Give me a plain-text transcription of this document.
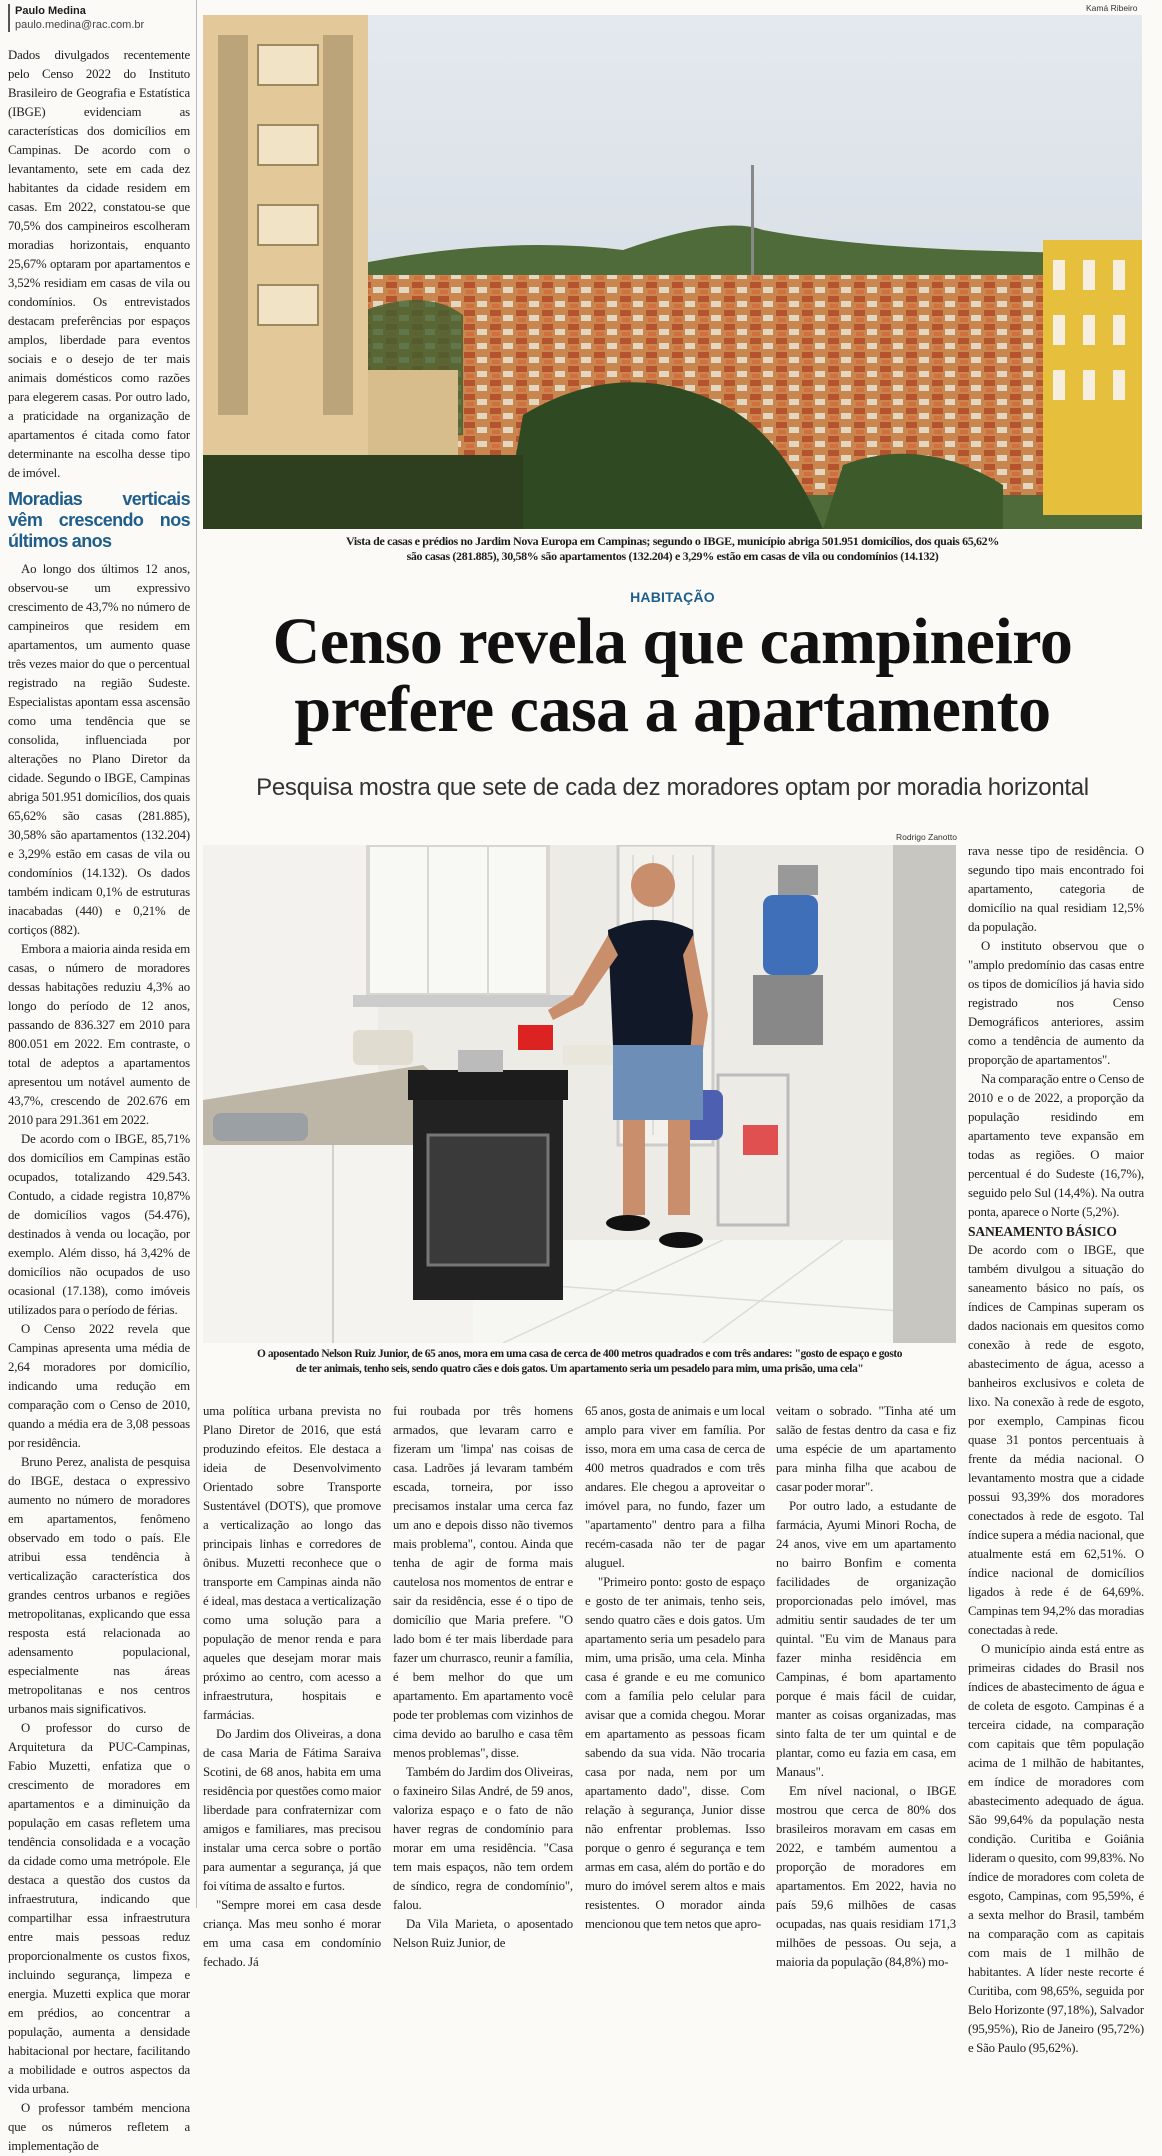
Paulo Medina
paulo.medina@rac.com.br

Dados divulgados recentemente pelo Censo 2022 do Instituto Brasileiro de Geografia e Estatística (IBGE) evidenciam as características dos domicílios em Campinas. De acordo com o levantamento, sete em cada dez habitantes da cidade residem em casas. Em 2022, constatou-se que 70,5% dos campineiros escolheram moradias horizontais, enquanto 25,67% optaram por apartamentos e 3,52% residiam em casas de vila ou condomínios. Os entrevistados destacam preferências por espaços amplos, liberdade para eventos sociais e o desejo de ter mais animais domésticos como razões para elegerem casas. Por outro lado, a praticidade na organização de apartamentos é citada como fator determinante na escolha desse tipo de imóvel.

Moradias verticais vêm crescendo nos últimos anos

Ao longo dos últimos 12 anos, observou-se um expressivo crescimento de 43,7% no número de campineiros que residem em apartamentos, um aumento quase três vezes maior do que o percentual registrado na região Sudeste. Especialistas apontam essa ascensão como uma tendência que se consolida, influenciada por alterações no Plano Diretor da cidade. Segundo o IBGE, Campinas abriga 501.951 domicílios, dos quais 65,62% são casas (281.885), 30,58% são apartamentos (132.204) e 3,29% estão em casas de vila ou condomínios (14.132). Os dados também indicam 0,1% de estruturas inacabadas (440) e 0,21% de cortiços (882).

Embora a maioria ainda resida em casas, o número de moradores dessas habitações reduziu 4,3% ao longo do período de 12 anos, passando de 836.327 em 2010 para 800.051 em 2022. Em contraste, o total de adeptos a apartamentos apresentou um notável aumento de 43,7%, crescendo de 202.676 em 2010 para 291.361 em 2022.

De acordo com o IBGE, 85,71% dos domicílios em Campinas estão ocupados, totalizando 429.543. Contudo, a cidade registra 10,87% de domicílios vagos (54.476), destinados à venda ou locação, por exemplo. Além disso, há 3,42% de domicílios não ocupados de uso ocasional (17.138), como imóveis utilizados para o período de férias.

O Censo 2022 revela que Campinas apresenta uma média de 2,64 moradores por domicílio, indicando uma redução em comparação com o Censo de 2010, quando a média era de 3,08 pessoas por residência.

Bruno Perez, analista de pesquisa do IBGE, destaca o expressivo aumento no número de moradores em apartamentos, fenômeno observado em todo o país. Ele atribui essa tendência à verticalização característica dos grandes centros urbanos e regiões metropolitanas, explicando que essa resposta está relacionada ao adensamento populacional, especialmente nas áreas metropolitanas e nos centros urbanos mais significativos.

O professor do curso de Arquitetura da PUC-Campinas, Fabio Muzetti, enfatiza que o crescimento de moradores em apartamentos e a diminuição da população em casas refletem uma tendência consolidada e a vocação da cidade como uma metrópole. Ele destaca a questão dos custos da infraestrutura, indicando que compartilhar essa infraestrutura entre mais pessoas reduz proporcionalmente os custos fixos, incluindo segurança, limpeza e energia. Muzetti explica que morar em prédios, ao concentrar a população, aumenta a densidade habitacional por hectare, facilitando a mobilidade e outros aspectos da vida urbana.

O professor também menciona que os números refletem a implementação de

Kamá Ribeiro
Vista de casas e prédios no Jardim Nova Europa em Campinas; segundo o IBGE, município abriga 501.951 domicílios, dos quais 65,62%
são casas (281.885), 30,58% são apartamentos (132.204) e 3,29% estão em casas de vila ou condomínios (14.132)
HABITAÇÃO
Censo revela que campineiro
prefere casa a apartamento
Pesquisa mostra que sete de cada dez moradores optam por moradia horizontal
Rodrigo Zanotto
O aposentado Nelson Ruiz Junior, de 65 anos, mora em uma casa de cerca de 400 metros quadrados e com três andares: "gosto de espaço e gosto
de ter animais, tenho seis, sendo quatro cães e dois gatos. Um apartamento seria um pesadelo para mim, uma prisão, uma cela"

rava nesse tipo de residência. O segundo tipo mais encontrado foi apartamento, categoria de domicílio na qual residiam 12,5% da população.

O instituto observou que o "amplo predomínio das casas entre os tipos de domicílios já havia sido registrado nos Censo Demográficos anteriores, assim como a tendência de aumento da proporção de apartamentos".

Na comparação entre o Censo de 2010 e o de 2022, a proporção da população residindo em apartamento teve expansão em todas as regiões. O maior percentual é do Sudeste (16,7%), seguido pelo Sul (14,4%). Na outra ponta, aparece o Norte (5,2%).

SANEAMENTO BÁSICO

De acordo com o IBGE, que também divulgou a situação do saneamento básico no país, os índices de Campinas superam os dados nacionais em quesitos como conexão à rede de esgoto, abastecimento de água, acesso a banheiros exclusivos e coleta de lixo. Na conexão à rede de esgoto, por exemplo, Campinas ficou quase 31 pontos percentuais à frente da média nacional. O levantamento mostra que a cidade possui 93,39% dos moradores conectados à rede de esgoto. Tal índice supera a média nacional, que atualmente está em 62,51%. O índice nacional de domicílios ligados à rede é de 64,69%. Campinas tem 94,2% das moradias conectadas à rede.

O município ainda está entre as primeiras cidades do Brasil nos índices de abastecimento de água e de coleta de esgoto. Campinas é a terceira cidade, na comparação com capitais que têm população acima de 1 milhão de habitantes, em índice de moradores com abastecimento adequado de água. São 99,64% da população nesta condição. Curitiba e Goiânia lideram o quesito, com 99,83%. No índice de moradores com coleta de esgoto, Campinas, com 95,59%, é a sexta melhor do Brasil, também na comparação com as capitais com mais de 1 milhão de habitantes. A líder neste recorte é Curitiba, com 98,65%, seguida por Belo Horizonte (97,18%), Salvador (95,95%), Rio de Janeiro (95,72%) e São Paulo (95,62%).

uma política urbana prevista no Plano Diretor de 2016, que está produzindo efeitos. Ele destaca a ideia de Desenvolvimento Orientado sobre Transporte Sustentável (DOTS), que promove a verticalização ao longo das principais linhas e corredores de ônibus. Muzetti reconhece que o transporte em Campinas ainda não é ideal, mas destaca a verticalização como uma solução para a população de menor renda e para aqueles que desejam morar mais próximo ao centro, com acesso a infraestrutura, hospitais e farmácias.

Do Jardim dos Oliveiras, a dona de casa Maria de Fátima Saraiva Scotini, de 68 anos, habita em uma residência por questões como maior liberdade para confraternizar com amigos e familiares, mas precisou instalar uma cerca sobre o portão para aumentar a segurança, já que foi vítima de assalto e furtos.

"Sempre morei em casa desde criança. Mas meu sonho é morar em uma casa em condomínio fechado. Já

fui roubada por três homens armados, que levaram carro e fizeram um 'limpa' nas coisas de casa. Ladrões já levaram também escada, torneira, por isso precisamos instalar uma cerca faz um ano e depois disso não tivemos mais problema", contou. Ainda que tenha de agir de forma mais cautelosa nos momentos de entrar e sair da residência, esse é o tipo de domicílio que Maria prefere. "O lado bom é ter mais liberdade para fazer um churrasco, reunir a família, é bem melhor do que um apartamento. Em apartamento você pode ter problemas com vizinhos de cima devido ao barulho e casa têm menos problemas", disse.

Também do Jardim dos Oliveiras, o faxineiro Silas André, de 59 anos, valoriza espaço e o fato de não haver regras de condomínio para morar em uma residência. "Casa tem mais espaços, não tem ordem de síndico, regra de condomínio", falou.

Da Vila Marieta, o aposentado Nelson Ruiz Junior, de

65 anos, gosta de animais e um local amplo para viver em família. Por isso, mora em uma casa de cerca de 400 metros quadrados e com três andares. Ele chegou a aproveitar o imóvel para, no fundo, fazer um "apartamento" dentro para a filha recém-casada não ter de pagar aluguel.

"Primeiro ponto: gosto de espaço e gosto de ter animais, tenho seis, sendo quatro cães e dois gatos. Um apartamento seria um pesadelo para mim, uma prisão, uma cela. Minha casa é grande e eu me comunico com a família pelo celular para avisar que a comida chegou. Morar em apartamento as pessoas ficam sabendo da sua vida. Não trocaria casa por nada, nem por um apartamento dado", disse. Com relação à segurança, Junior disse não enfrentar problemas. Isso porque o genro é segurança e tem armas em casa, além do portão e do muro do imóvel serem altos e mais resistentes. O morador ainda mencionou que tem netos que apro-

veitam o sobrado. "Tinha até um salão de festas dentro da casa e fiz uma espécie de um apartamento para minha filha que acabou de casar poder morar".

Por outro lado, a estudante de farmácia, Ayumi Minori Rocha, de 24 anos, vive em um apartamento no bairro Bonfim e comenta facilidades de organização proporcionadas pelo imóvel, mas admitiu sentir saudades de ter um quintal. "Eu vim de Manaus para fazer minha residência em Campinas, é bom apartamento porque é mais fácil de cuidar, manter as coisas organizadas, mas sinto falta de ter um quintal e de plantar, como eu fazia em casa, em Manaus".

Em nível nacional, o IBGE mostrou que cerca de 80% dos brasileiros moravam em casas em 2022, e também aumentou a proporção de moradores em apartamentos. Em 2022, havia no país 59,6 milhões de casas ocupadas, nas quais residiam 171,3 milhões de pessoas. Ou seja, a maioria da população (84,8%) mo-
